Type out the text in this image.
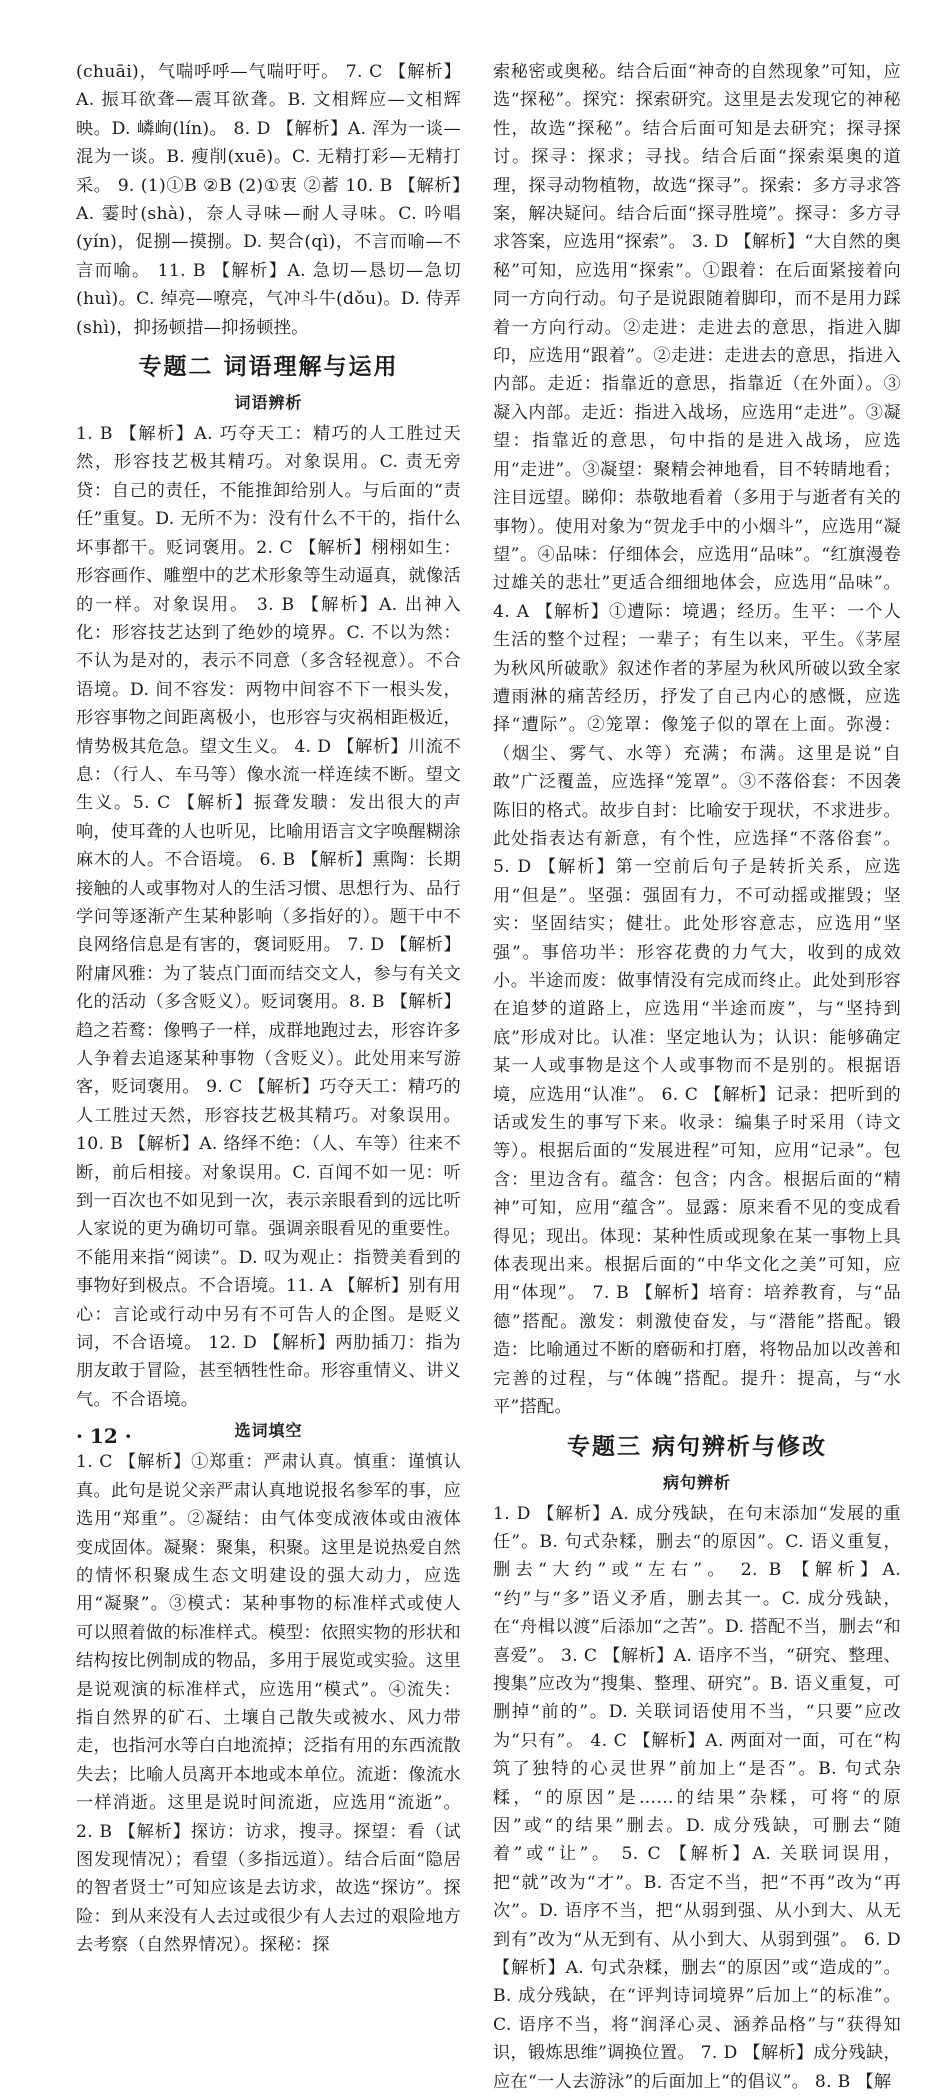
(chuāi)，气喘呼呼—气喘吁吁。 7. C 【解析】A. 振耳欲聋—震耳欲聋。B. 文相辉应—文相辉映。D. 嶙峋(lín)。 8. D 【解析】A. 浑为一谈—混为一谈。B. 瘦削(xuē)。C. 无精打彩—无精打采。 9. (1)①B ②B (2)①衷 ②蓄 10. B 【解析】A. 霎时(shà)，奈人寻味—耐人寻味。C. 吟唱(yín)，促捌—摸捌。D. 契合(qì)，不言而喻—不言而喻。 11. B 【解析】A. 急切—恳切—急切(huì)。C. 绰亮—嘹亮，气冲斗牛(dǒu)。D. 侍弄(shì)，抑扬顿措—抑扬顿挫。

专题二 词语理解与运用
词语辨析

1. B 【解析】A. 巧夺天工：精巧的人工胜过天然，形容技艺极其精巧。对象误用。C. 责无旁贷：自己的责任，不能推卸给别人。与后面的“责任”重复。D. 无所不为：没有什么不干的，指什么坏事都干。贬词褒用。2. C 【解析】栩栩如生：形容画作、雕塑中的艺术形象等生动逼真，就像活的一样。对象误用。 3. B 【解析】A. 出神入化：形容技艺达到了绝妙的境界。C. 不以为然：不认为是对的，表示不同意（多含轻视意）。不合语境。D. 间不容发：两物中间容不下一根头发，形容事物之间距离极小，也形容与灾祸相距极近，情势极其危急。望文生义。 4. D 【解析】川流不息：（行人、车马等）像水流一样连续不断。望文生义。5. C 【解析】振聋发聩：发出很大的声响，使耳聋的人也听见，比喻用语言文字唤醒糊涂麻木的人。不合语境。 6. B 【解析】熏陶：长期接触的人或事物对人的生活习惯、思想行为、品行学问等逐渐产生某种影响（多指好的）。题干中不良网络信息是有害的，褒词贬用。 7. D 【解析】附庸风雅：为了装点门面而结交文人，参与有关文化的活动（多含贬义）。贬词褒用。8. B 【解析】趋之若鹜：像鸭子一样，成群地跑过去，形容许多人争着去追逐某种事物（含贬义）。此处用来写游客，贬词褒用。 9. C 【解析】巧夺天工：精巧的人工胜过天然，形容技艺极其精巧。对象误用。 10. B 【解析】A. 络绎不绝：（人、车等）往来不断，前后相接。对象误用。C. 百闻不如一见：听到一百次也不如见到一次，表示亲眼看到的远比听人家说的更为确切可靠。强调亲眼看见的重要性。不能用来指“阅读”。D. 叹为观止：指赞美看到的事物好到极点。不合语境。11. A 【解析】别有用心：言论或行动中另有不可告人的企图。是贬义词，不合语境。 12. D 【解析】两肋插刀：指为朋友敢于冒险，甚至牺牲性命。形容重情义、讲义气。不合语境。

选词填空

1. C 【解析】①郑重：严肃认真。慎重：谨慎认真。此句是说父亲严肃认真地说报名参军的事，应选用“郑重”。②凝结：由气体变成液体或由液体变成固体。凝聚：聚集，积聚。这里是说热爱自然的情怀积聚成生态文明建设的强大动力，应选用“凝聚”。③模式：某种事物的标准样式或使人可以照着做的标准样式。模型：依照实物的形状和结构按比例制成的物品，多用于展览或实验。这里是说观演的标准样式，应选用“模式”。④流失：指自然界的矿石、土壤自己散失或被水、风力带走，也指河水等白白地流掉；泛指有用的东西流散失去；比喻人员离开本地或本单位。流逝：像流水一样消逝。这里是说时间流逝，应选用“流逝”。 2. B 【解析】探访：访求，搜寻。探望：看（试图发现情况）；看望（多指远道）。结合后面“隐居的智者贤士”可知应该是去访求，故选“探访”。探险：到从来没有人去过或很少有人去过的艰险地方去考察（自然界情况）。探秘：探

索秘密或奥秘。结合后面“神奇的自然现象”可知，应选“探秘”。探究：探索研究。这里是去发现它的神秘性，故选“探秘”。结合后面可知是去研究；探寻探讨。探寻：探求；寻找。结合后面“探索渠奥的道理，探寻动物植物，故选“探寻”。探索：多方寻求答案，解决疑问。结合后面“探寻胜境”。探寻：多方寻求答案，应选用“探索”。 3. D 【解析】“大自然的奥秘”可知，应选用“探索”。①跟着：在后面紧接着向同一方向行动。句子是说跟随着脚印，而不是用力踩着一方向行动。②走进：走进去的意思，指进入脚印，应选用“跟着”。②走进：走进去的意思，指进入内部。走近：指靠近的意思，指靠近（在外面）。③凝入内部。走近：指进入战场，应选用“走进”。③凝望：指靠近的意思，句中指的是进入战场，应选用“走进”。③凝望：聚精会神地看，目不转睛地看；注目远望。睇仰：恭敬地看着（多用于与逝者有关的事物）。使用对象为“贺龙手中的小烟斗”，应选用“凝望”。④品味：仔细体会，应选用“品味”。“红旗漫卷过雄关的悲壮”更适合细细地体会，应选用“品味”。 4. A 【解析】①遭际：境遇；经历。生平：一个人生活的整个过程；一辈子；有生以来，平生。《茅屋为秋风所破歌》叙述作者的茅屋为秋风所破以致全家遭雨淋的痛苦经历，抒发了自己内心的感慨，应选择“遭际”。②笼罩：像笼子似的罩在上面。弥漫：（烟尘、雾气、水等）充满；布满。这里是说“自敢”广泛覆盖，应选择“笼罩”。③不落俗套：不因袭陈旧的格式。故步自封：比喻安于现状，不求进步。此处指表达有新意，有个性，应选择“不落俗套”。 5. D 【解析】第一空前后句子是转折关系，应选用“但是”。坚强：强固有力，不可动摇或摧毁；坚实：坚固结实；健壮。此处形容意志，应选用“坚强”。事倍功半：形容花费的力气大，收到的成效小。半途而废：做事情没有完成而终止。此处到形容在追梦的道路上，应选用“半途而废”，与“坚持到底”形成对比。认准：坚定地认为；认识：能够确定某一人或事物是这个人或事物而不是别的。根据语境，应选用“认准”。 6. C 【解析】记录：把听到的话或发生的事写下来。收录：编集子时采用（诗文等）。根据后面的“发展进程”可知，应用“记录”。包含：里边含有。蕴含：包含；内含。根据后面的“精神”可知，应用“蕴含”。显露：原来看不见的变成看得见；现出。体现：某种性质或现象在某一事物上具体表现出来。根据后面的“中华文化之美”可知，应用“体现”。 7. B 【解析】培育：培养教育，与“品德”搭配。激发：刺激使奋发，与“潜能”搭配。锻造：比喻通过不断的磨砺和打磨，将物品加以改善和完善的过程，与“体魄”搭配。提升：提高，与“水平”搭配。

专题三 病句辨析与修改
病句辨析

1. D 【解析】A. 成分残缺，在句末添加“发展的重任”。B. 句式杂糅，删去“的原因”。C. 语义重复，删去“大约”或“左右”。 2. B 【解析】A. “约”与“多”语义矛盾，删去其一。C. 成分残缺，在“舟楫以渡”后添加“之苦”。D. 搭配不当，删去“和喜爱”。 3. C 【解析】A. 语序不当，“研究、整理、搜集”应改为“搜集、整理、研究”。B. 语义重复，可删掉“前的”。D. 关联词语使用不当，“只要”应改为“只有”。 4. C 【解析】A. 两面对一面，可在“构筑了独特的心灵世界”前加上“是否”。B. 句式杂糅，“的原因”是……的结果”杂糅，可将“的原因”或“的结果”删去。D. 成分残缺，可删去“随着”或“让”。 5. C 【解析】A. 关联词误用，把“就”改为“才”。B. 否定不当，把“不再”改为“再次”。D. 语序不当，把“从弱到强、从小到大、从无到有”改为“从无到有、从小到大、从弱到强”。 6. D 【解析】A. 句式杂糅，删去“的原因”或“造成的”。B. 成分残缺，在“评判诗词境界”后加上“的标准”。C. 语序不当，将“润泽心灵、涵养品格”与“获得知识，锻炼思维”调换位置。 7. D 【解析】成分残缺，应在“一人去游泳”的后面加上“的倡议”。 8. B 【解

· 12 ·
